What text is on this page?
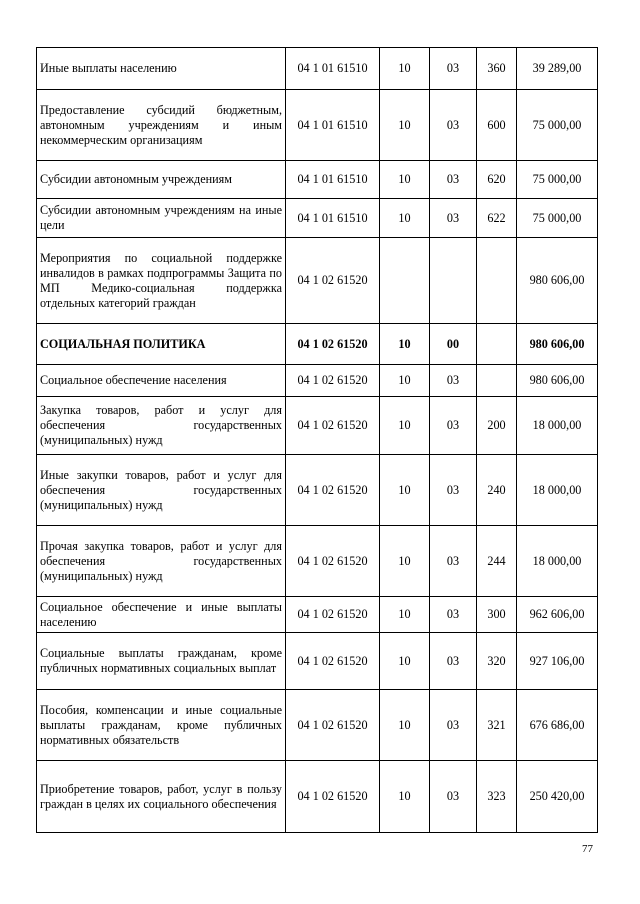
Иные выплаты населению	04 1 01 61510	10	03	360	39 289,00
Предоставление субсидий бюджетным, автономным учреждениям и иным некоммерческим организациям	04 1 01 61510	10	03	600	75 000,00
Субсидии автономным учреждениям	04 1 01 61510	10	03	620	75 000,00
Субсидии автономным учреждениям на иные цели	04 1 01 61510	10	03	622	75 000,00
Мероприятия по социальной поддержке инвалидов в рамках подпрограммы Защита по МП Медико-социальная поддержка отдельных категорий граждан	04 1 02 61520				980 606,00
СОЦИАЛЬНАЯ ПОЛИТИКА	04 1 02 61520	10	00		980 606,00
Социальное обеспечение населения	04 1 02 61520	10	03		980 606,00
Закупка товаров, работ и услуг для обеспечения государственных (муниципальных) нужд	04 1 02 61520	10	03	200	18 000,00
Иные закупки товаров, работ и услуг для обеспечения государственных (муниципальных) нужд	04 1 02 61520	10	03	240	18 000,00
Прочая закупка товаров, работ и услуг для обеспечения государственных (муниципальных) нужд	04 1 02 61520	10	03	244	18 000,00
Социальное обеспечение и иные выплаты населению	04 1 02 61520	10	03	300	962 606,00
Социальные выплаты гражданам, кроме публичных нормативных социальных выплат	04 1 02 61520	10	03	320	927 106,00
Пособия, компенсации и иные социальные выплаты гражданам, кроме публичных нормативных обязательств	04 1 02 61520	10	03	321	676 686,00
Приобретение товаров, работ, услуг в пользу граждан в целях их социального обеспечения	04 1 02 61520	10	03	323	250 420,00
77
